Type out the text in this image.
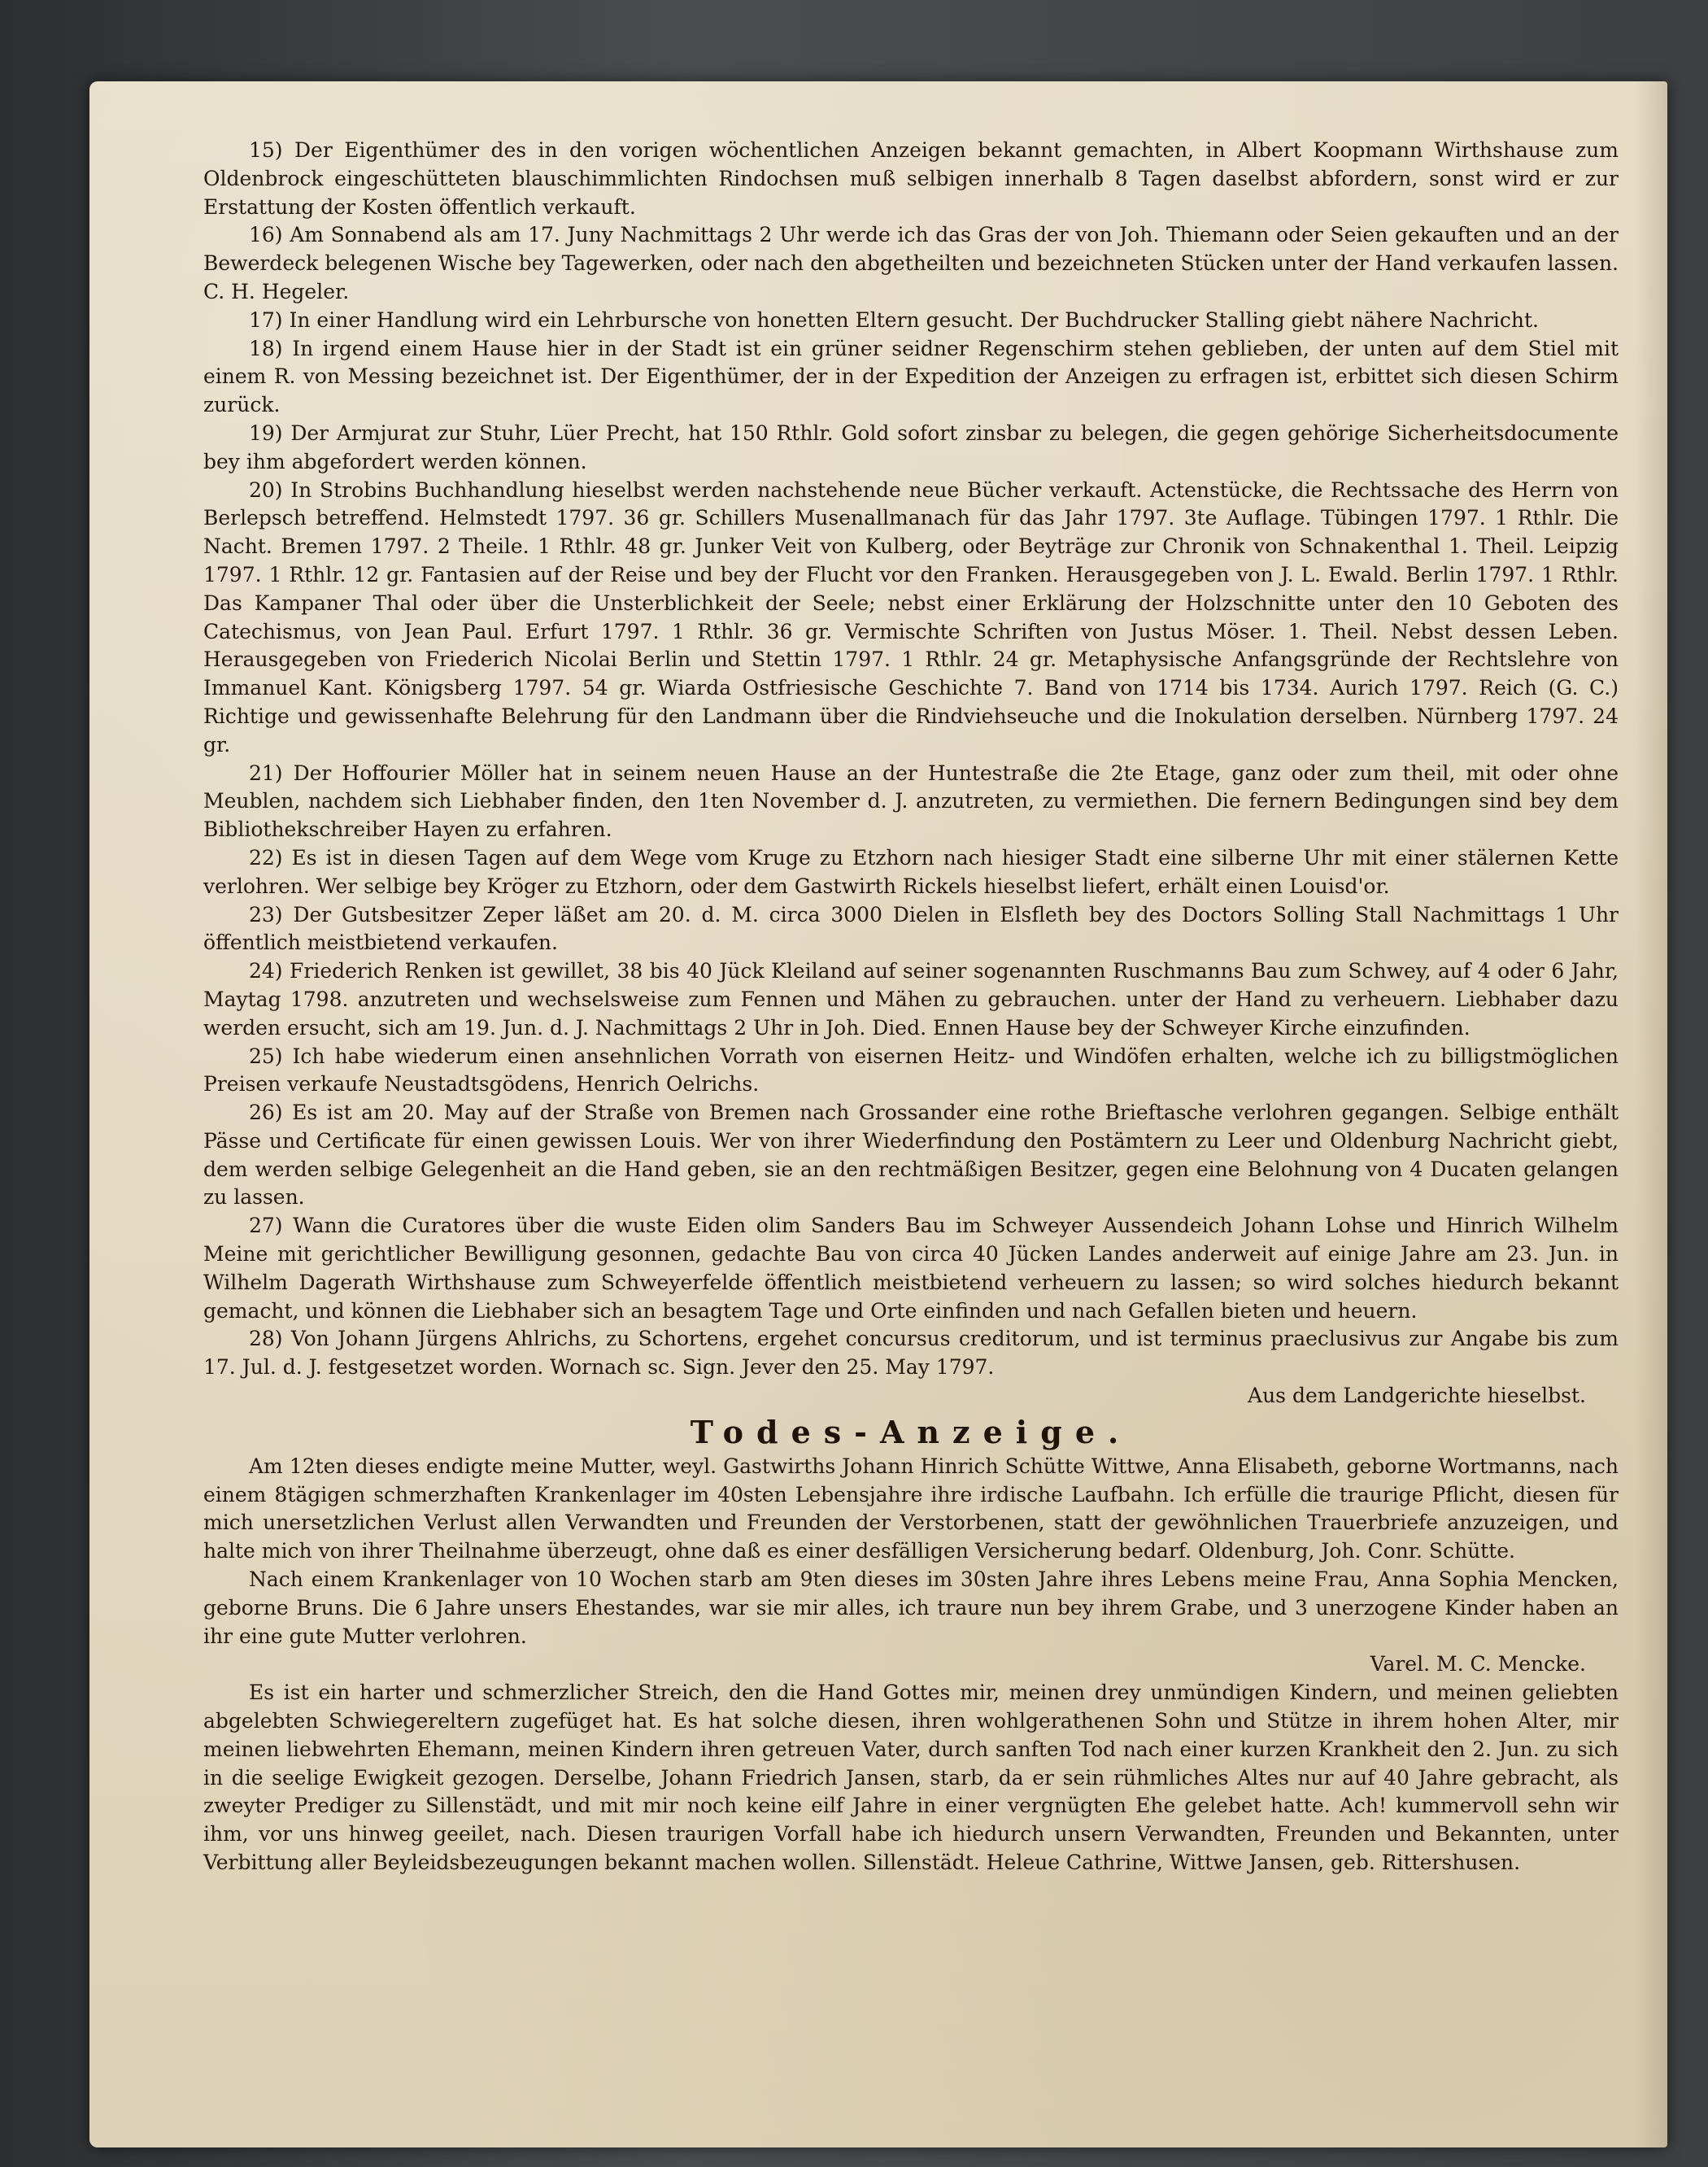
15) Der Eigenthümer des in den vorigen wöchentlichen Anzeigen bekannt gemachten, in Albert Koopmann Wirthshause zum Oldenbrock eingeschütteten blauschimmlichten Rindochsen muß selbigen innerhalb 8 Tagen daselbst abfordern, sonst wird er zur Erstattung der Kosten öffentlich verkauft.

16) Am Sonnabend als am 17. Juny Nachmittags 2 Uhr werde ich das Gras der von Joh. Thiemann oder Seien gekauften und an der Bewerdeck belegenen Wische bey Tagewerken, oder nach den abgetheilten und bezeichneten Stücken unter der Hand verkaufen lassen. C. H. Hegeler.

17) In einer Handlung wird ein Lehrbursche von honetten Eltern gesucht. Der Buchdrucker Stalling giebt nähere Nachricht.

18) In irgend einem Hause hier in der Stadt ist ein grüner seidner Regenschirm stehen geblieben, der unten auf dem Stiel mit einem R. von Messing bezeichnet ist. Der Eigenthümer, der in der Expedition der Anzeigen zu erfragen ist, erbittet sich diesen Schirm zurück.

19) Der Armjurat zur Stuhr, Lüer Precht, hat 150 Rthlr. Gold sofort zinsbar zu belegen, die gegen gehörige Sicherheitsdocumente bey ihm abgefordert werden können.

20) In Strobins Buchhandlung hieselbst werden nachstehende neue Bücher verkauft. Actenstücke, die Rechtssache des Herrn von Berlepsch betreffend. Helmstedt 1797. 36 gr. Schillers Musenallmanach für das Jahr 1797. 3te Auflage. Tübingen 1797. 1 Rthlr. Die Nacht. Bremen 1797. 2 Theile. 1 Rthlr. 48 gr. Junker Veit von Kulberg, oder Beyträge zur Chronik von Schnakenthal 1. Theil. Leipzig 1797. 1 Rthlr. 12 gr. Fantasien auf der Reise und bey der Flucht vor den Franken. Herausgegeben von J. L. Ewald. Berlin 1797. 1 Rthlr. Das Kampaner Thal oder über die Unsterblichkeit der Seele; nebst einer Erklärung der Holzschnitte unter den 10 Geboten des Catechismus, von Jean Paul. Erfurt 1797. 1 Rthlr. 36 gr. Vermischte Schriften von Justus Möser. 1. Theil. Nebst dessen Leben. Herausgegeben von Friederich Nicolai Berlin und Stettin 1797. 1 Rthlr. 24 gr. Metaphysische Anfangsgründe der Rechtslehre von Immanuel Kant. Königsberg 1797. 54 gr. Wiarda Ostfriesische Geschichte 7. Band von 1714 bis 1734. Aurich 1797. Reich (G. C.) Richtige und gewissenhafte Belehrung für den Landmann über die Rindviehseuche und die Inokulation derselben. Nürnberg 1797. 24 gr.

21) Der Hoffourier Möller hat in seinem neuen Hause an der Huntestraße die 2te Etage, ganz oder zum theil, mit oder ohne Meublen, nachdem sich Liebhaber finden, den 1ten November d. J. anzutreten, zu vermiethen. Die fernern Bedingungen sind bey dem Bibliothekschreiber Hayen zu erfahren.

22) Es ist in diesen Tagen auf dem Wege vom Kruge zu Etzhorn nach hiesiger Stadt eine silberne Uhr mit einer stälernen Kette verlohren. Wer selbige bey Kröger zu Etzhorn, oder dem Gastwirth Rickels hieselbst liefert, erhält einen Louisd'or.

23) Der Gutsbesitzer Zeper läßet am 20. d. M. circa 3000 Dielen in Elsfleth bey des Doctors Solling Stall Nachmittags 1 Uhr öffentlich meistbietend verkaufen.

24) Friederich Renken ist gewillet, 38 bis 40 Jück Kleiland auf seiner sogenannten Ruschmanns Bau zum Schwey, auf 4 oder 6 Jahr, Maytag 1798. anzutreten und wechselsweise zum Fennen und Mähen zu gebrauchen. unter der Hand zu verheuern. Liebhaber dazu werden ersucht, sich am 19. Jun. d. J. Nachmittags 2 Uhr in Joh. Died. Ennen Hause bey der Schweyer Kirche einzufinden.

25) Ich habe wiederum einen ansehnlichen Vorrath von eisernen Heitz- und Windöfen erhalten, welche ich zu billigstmöglichen Preisen verkaufe Neustadtsgödens, Henrich Oelrichs.

26) Es ist am 20. May auf der Straße von Bremen nach Grossander eine rothe Brieftasche verlohren gegangen. Selbige enthält Pässe und Certificate für einen gewissen Louis. Wer von ihrer Wiederfindung den Postämtern zu Leer und Oldenburg Nachricht giebt, dem werden selbige Gelegenheit an die Hand geben, sie an den rechtmäßigen Besitzer, gegen eine Belohnung von 4 Ducaten gelangen zu lassen.

27) Wann die Curatores über die wuste Eiden olim Sanders Bau im Schweyer Aussendeich Johann Lohse und Hinrich Wilhelm Meine mit gerichtlicher Bewilligung gesonnen, gedachte Bau von circa 40 Jücken Landes anderweit auf einige Jahre am 23. Jun. in Wilhelm Dagerath Wirthshause zum Schweyerfelde öffentlich meistbietend verheuern zu lassen; so wird solches hiedurch bekannt gemacht, und können die Liebhaber sich an besagtem Tage und Orte einfinden und nach Gefallen bieten und heuern.

28) Von Johann Jürgens Ahlrichs, zu Schortens, ergehet concursus creditorum, und ist terminus praeclusivus zur Angabe bis zum 17. Jul. d. J. festgesetzet worden. Wornach sc. Sign. Jever den 25. May 1797.

Aus dem Landgerichte hieselbst.

Todes-Anzeige.

Am 12ten dieses endigte meine Mutter, weyl. Gastwirths Johann Hinrich Schütte Wittwe, Anna Elisabeth, geborne Wortmanns, nach einem 8tägigen schmerzhaften Krankenlager im 40sten Lebensjahre ihre irdische Laufbahn. Ich erfülle die traurige Pflicht, diesen für mich unersetzlichen Verlust allen Verwandten und Freunden der Verstorbenen, statt der gewöhnlichen Trauerbriefe anzuzeigen, und halte mich von ihrer Theilnahme überzeugt, ohne daß es einer desfälligen Versicherung bedarf. Oldenburg, Joh. Conr. Schütte.

Nach einem Krankenlager von 10 Wochen starb am 9ten dieses im 30sten Jahre ihres Lebens meine Frau, Anna Sophia Mencken, geborne Bruns. Die 6 Jahre unsers Ehestandes, war sie mir alles, ich traure nun bey ihrem Grabe, und 3 unerzogene Kinder haben an ihr eine gute Mutter verlohren.

Varel. M. C. Mencke.

Es ist ein harter und schmerzlicher Streich, den die Hand Gottes mir, meinen drey unmündigen Kindern, und meinen geliebten abgelebten Schwiegereltern zugefüget hat. Es hat solche diesen, ihren wohlgerathenen Sohn und Stütze in ihrem hohen Alter, mir meinen liebwehrten Ehemann, meinen Kindern ihren getreuen Vater, durch sanften Tod nach einer kurzen Krankheit den 2. Jun. zu sich in die seelige Ewigkeit gezogen. Derselbe, Johann Friedrich Jansen, starb, da er sein rühmliches Altes nur auf 40 Jahre gebracht, als zweyter Prediger zu Sillenstädt, und mit mir noch keine eilf Jahre in einer vergnügten Ehe gelebet hatte. Ach! kummervoll sehn wir ihm, vor uns hinweg geeilet, nach. Diesen traurigen Vorfall habe ich hiedurch unsern Verwandten, Freunden und Bekannten, unter Verbittung aller Beyleidsbezeugungen bekannt machen wollen. Sillenstädt. Heleue Cathrine, Wittwe Jansen, geb. Rittershusen.
